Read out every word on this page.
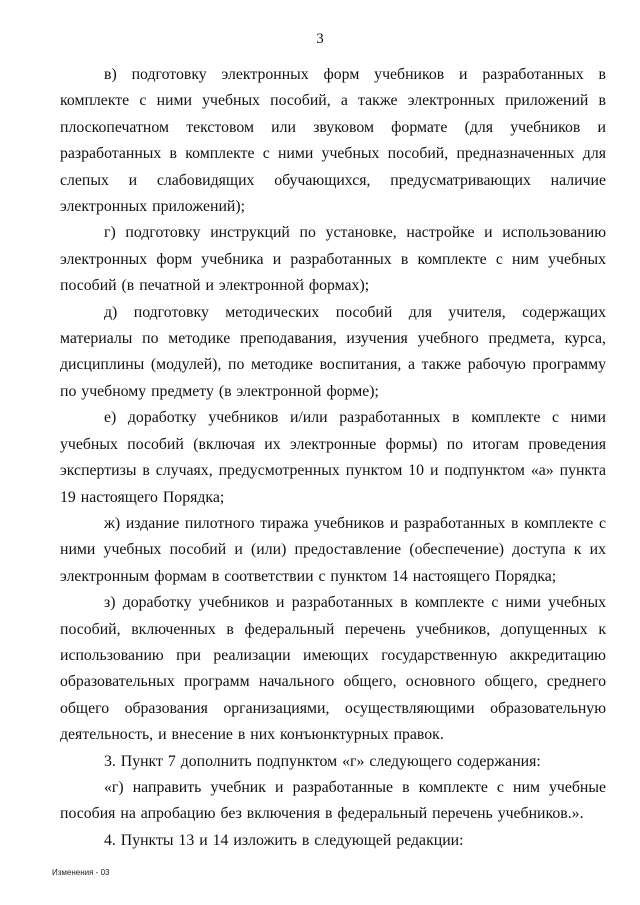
3

в) подготовку электронных форм учебников и разработанных в комплекте с ними учебных пособий, а также электронных приложений в плоскопечатном текстовом или звуковом формате (для учебников и разработанных в комплекте с ними учебных пособий, предназначенных для слепых и слабовидящих обучающихся, предусматривающих наличие электронных приложений);

г) подготовку инструкций по установке, настройке и использованию электронных форм учебника и разработанных в комплекте с ним учебных пособий (в печатной и электронной формах);

д) подготовку методических пособий для учителя, содержащих материалы по методике преподавания, изучения учебного предмета, курса, дисциплины (модулей), по методике воспитания, а также рабочую программу по учебному предмету (в электронной форме);

е) доработку учебников и/или разработанных в комплекте с ними учебных пособий (включая их электронные формы) по итогам проведения экспертизы в случаях, предусмотренных пунктом 10 и подпунктом «а» пункта 19 настоящего Порядка;

ж) издание пилотного тиража учебников и разработанных в комплекте с ними учебных пособий и (или) предоставление (обеспечение) доступа к их электронным формам в соответствии с пунктом 14 настоящего Порядка;

з) доработку учебников и разработанных в комплекте с ними учебных пособий, включенных в федеральный перечень учебников, допущенных к использованию при реализации имеющих государственную аккредитацию образовательных программ начального общего, основного общего, среднего общего образования организациями, осуществляющими образовательную деятельность, и внесение в них конъюнктурных правок.

3. Пункт 7 дополнить подпунктом «г» следующего содержания:

«г) направить учебник и разработанные в комплекте с ним учебные пособия на апробацию без включения в федеральный перечень учебников.».

4. Пункты 13 и 14 изложить в следующей редакции:

Изменения - 03
